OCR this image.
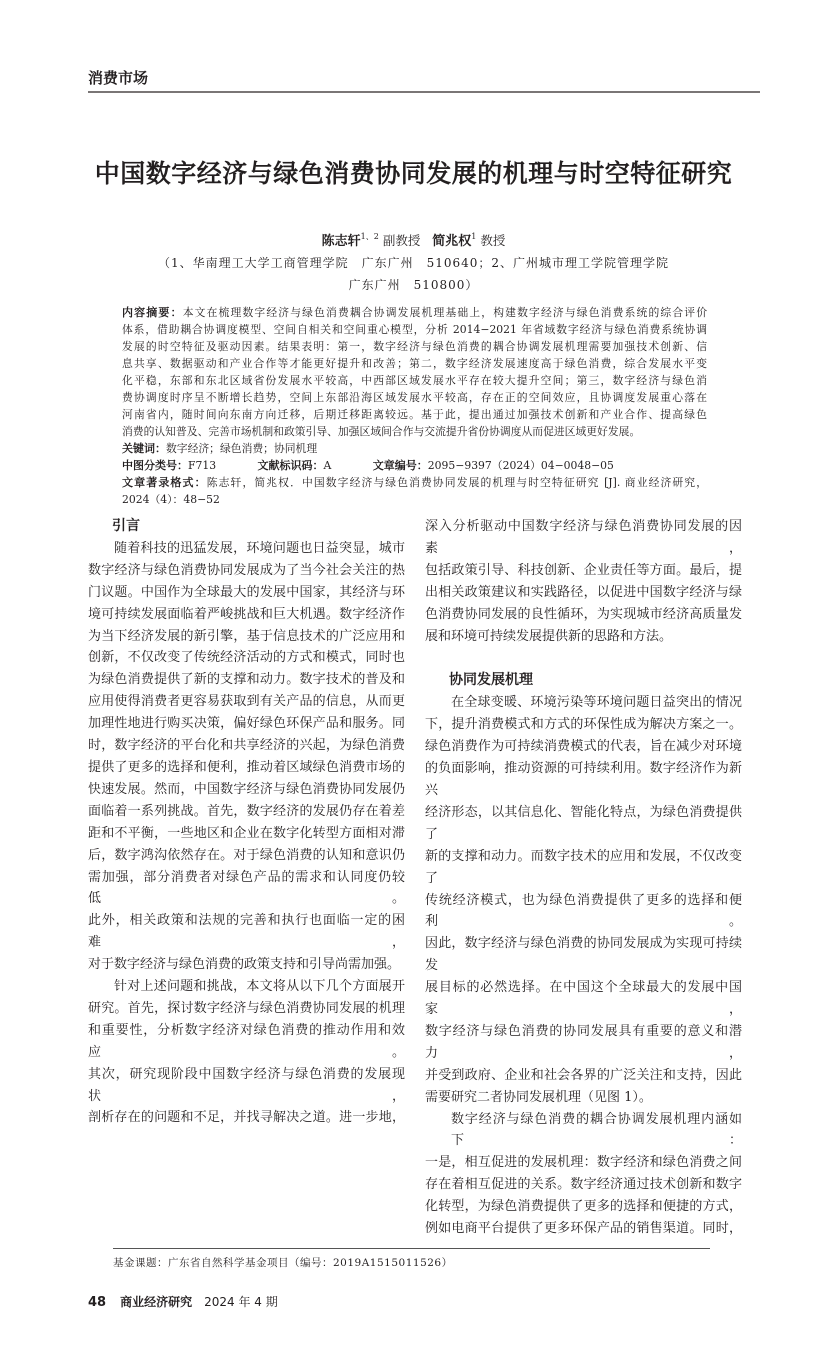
消费市场
中国数字经济与绿色消费协同发展的机理与时空特征研究
陈志轩$^{1、2}$ 副教授 简兆权$^1$ 教授
（1、华南理工大学工商管理学院　广东广州　510640；2、广州城市理工学院管理学院
广东广州　510800）
内容摘要：本文在梳理数字经济与绿色消费耦合协调发展机理基础上，构建数字经济与绿色消费系统的综合评价
体系，借助耦合协调度模型、空间自相关和空间重心模型，分析 2014−2021 年省域数字经济与绿色消费系统协调
发展的时空特征及驱动因素。结果表明：第一，数字经济与绿色消费的耦合协调发展机理需要加强技术创新、信
息共享、数据驱动和产业合作等才能更好提升和改善；第二，数字经济发展速度高于绿色消费，综合发展水平变
化平稳，东部和东北区域省份发展水平较高，中西部区域发展水平存在较大提升空间；第三，数字经济与绿色消
费协调度时序呈不断增长趋势，空间上东部沿海区域发展水平较高，存在正的空间效应，且协调度发展重心落在
河南省内，随时间向东南方向迁移，后期迁移距离较远。基于此，提出通过加强技术创新和产业合作、提高绿色
消费的认知普及、完善市场机制和政策引导、加强区域间合作与交流提升省份协调度从而促进区域更好发展。
关键词：数字经济；绿色消费；协同机理
中图分类号：F713	文献标识码：A	文章编号：2095−9397（2024）04−0048−05
文章著录格式：陈志轩，简兆权．中国数字经济与绿色消费协同发展的机理与时空特征研究 [J]. 商业经济研究，
2024（4）：48−52
引言
随着科技的迅猛发展，环境问题也日益突显，城市
数字经济与绿色消费协同发展成为了当今社会关注的热
门议题。中国作为全球最大的发展中国家，其经济与环
境可持续发展面临着严峻挑战和巨大机遇。数字经济作
为当下经济发展的新引擎，基于信息技术的广泛应用和
创新，不仅改变了传统经济活动的方式和模式，同时也
为绿色消费提供了新的支撑和动力。数字技术的普及和
应用使得消费者更容易获取到有关产品的信息，从而更
加理性地进行购买决策，偏好绿色环保产品和服务。同
时，数字经济的平台化和共享经济的兴起，为绿色消费
提供了更多的选择和便利，推动着区域绿色消费市场的
快速发展。然而，中国数字经济与绿色消费协同发展仍
面临着一系列挑战。首先，数字经济的发展仍存在着差
距和不平衡，一些地区和企业在数字化转型方面相对滞
后，数字鸿沟依然存在。对于绿色消费的认知和意识仍
需加强，部分消费者对绿色产品的需求和认同度仍较低。
此外，相关政策和法规的完善和执行也面临一定的困难，
对于数字经济与绿色消费的政策支持和引导尚需加强。
针对上述问题和挑战，本文将从以下几个方面展开
研究。首先，探讨数字经济与绿色消费协同发展的机理
和重要性，分析数字经济对绿色消费的推动作用和效应。
其次，研究现阶段中国数字经济与绿色消费的发展现状，
剖析存在的问题和不足，并找寻解决之道。进一步地，
深入分析驱动中国数字经济与绿色消费协同发展的因素，
包括政策引导、科技创新、企业责任等方面。最后，提
出相关政策建议和实践路径，以促进中国数字经济与绿
色消费协同发展的良性循环，为实现城市经济高质量发
展和环境可持续发展提供新的思路和方法。
协同发展机理
在全球变暖、环境污染等环境问题日益突出的情况
下，提升消费模式和方式的环保性成为解决方案之一。
绿色消费作为可持续消费模式的代表，旨在减少对环境
的负面影响，推动资源的可持续利用。数字经济作为新兴
经济形态，以其信息化、智能化特点，为绿色消费提供了
新的支撑和动力。而数字技术的应用和发展，不仅改变了
传统经济模式，也为绿色消费提供了更多的选择和便利。
因此，数字经济与绿色消费的协同发展成为实现可持续发
展目标的必然选择。在中国这个全球最大的发展中国家，
数字经济与绿色消费的协同发展具有重要的意义和潜力，
并受到政府、企业和社会各界的广泛关注和支持，因此
需要研究二者协同发展机理（见图 1）。
数字经济与绿色消费的耦合协调发展机理内涵如下：
一是，相互促进的发展机理：数字经济和绿色消费之间
存在着相互促进的关系。数字经济通过技术创新和数字
化转型，为绿色消费提供了更多的选择和便捷的方式，
例如电商平台提供了更多环保产品的销售渠道。同时，
基金课题：广东省自然科学基金项目（编号：2019A1515011526）
48 商业经济研究 2024 年 4 期
